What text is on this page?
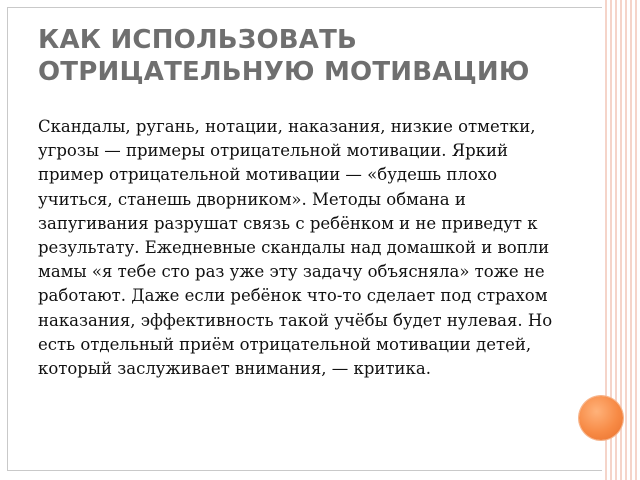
КАК ИСПОЛЬЗОВАТЬ ОТРИЦАТЕЛЬНУЮ МОТИВАЦИЮ

Скандалы, ругань, нотации, наказания, низкие отметки, угрозы — примеры отрицательной мотивации. Яркий пример отрицательной мотивации — «будешь плохо учиться, станешь дворником». Методы обмана и запугивания разрушат связь с ребёнком и не приведут к результату. Ежедневные скандалы над домашкой и вопли мамы «я тебе сто раз уже эту задачу объясняла» тоже не работают. Даже если ребёнок что-то сделает под страхом наказания, эффективность такой учёбы будет нулевая. Но есть отдельный приём отрицательной мотивации детей, который заслуживает внимания, — критика.
